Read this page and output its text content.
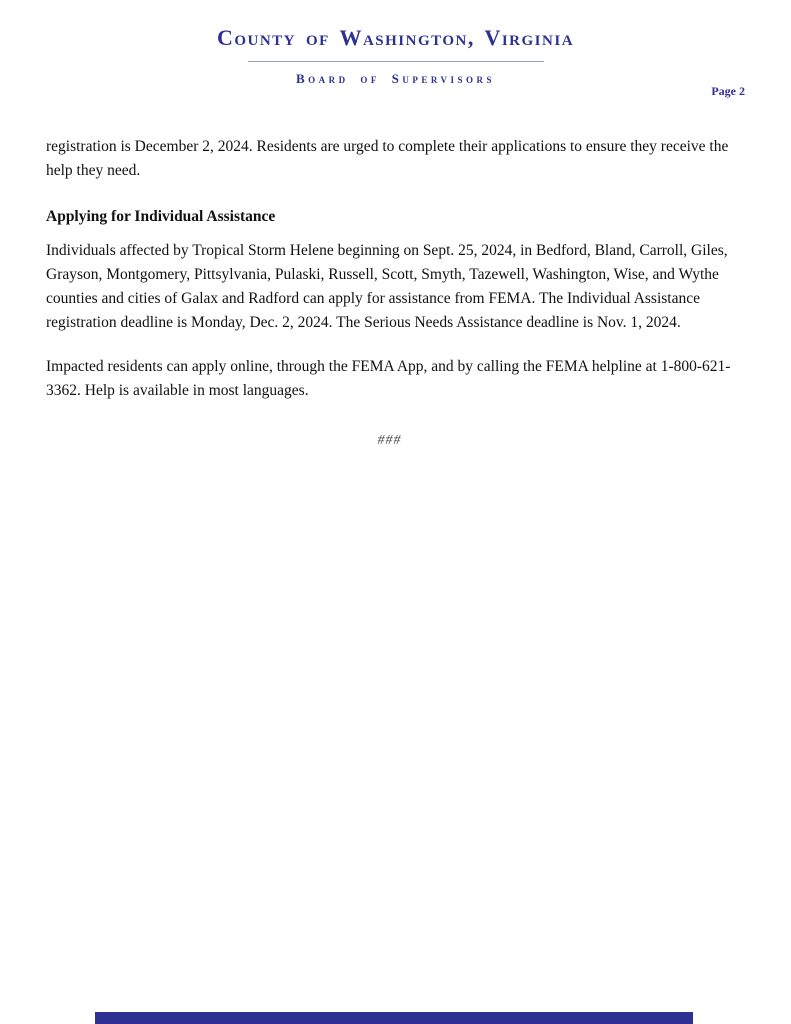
County of Washington, Virginia
Board of Supervisors
Page 2

registration is December 2, 2024. Residents are urged to complete their applications to ensure they receive the help they need.

Applying for Individual Assistance

Individuals affected by Tropical Storm Helene beginning on Sept. 25, 2024, in Bedford, Bland, Carroll, Giles, Grayson, Montgomery, Pittsylvania, Pulaski, Russell, Scott, Smyth, Tazewell, Washington, Wise, and Wythe counties and cities of Galax and Radford can apply for assistance from FEMA. The Individual Assistance registration deadline is Monday, Dec. 2, 2024. The Serious Needs Assistance deadline is Nov. 1, 2024.

Impacted residents can apply online, through the FEMA App, and by calling the FEMA helpline at 1-800-621-3362. Help is available in most languages.

###
